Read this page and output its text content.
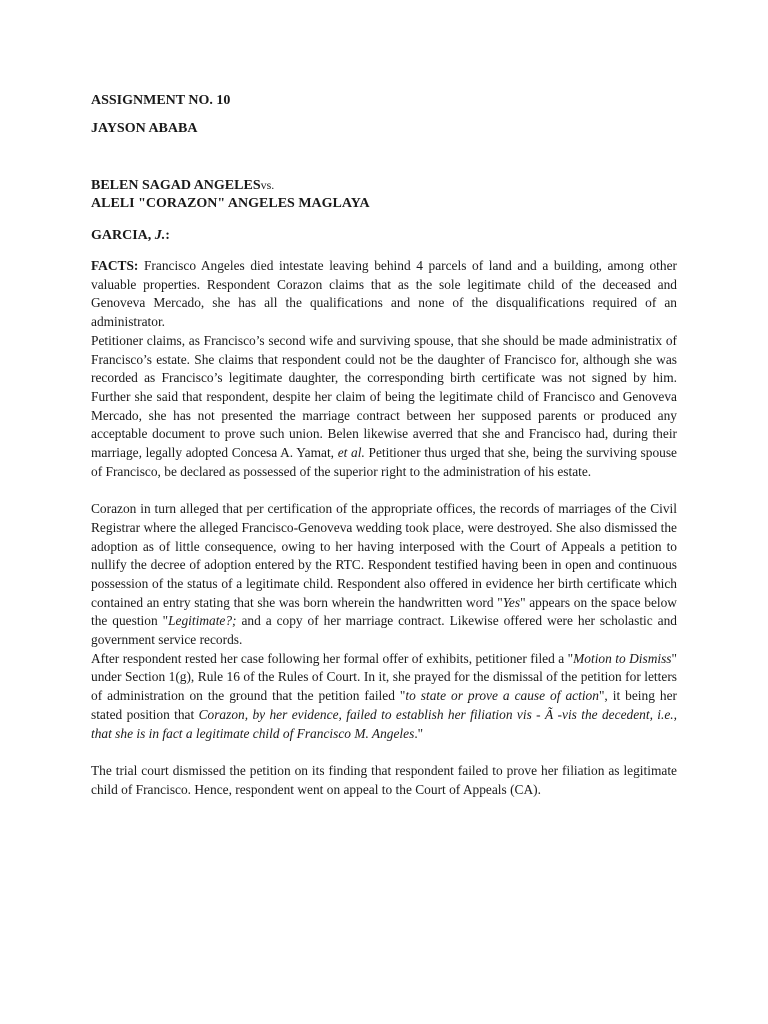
ASSIGNMENT NO. 10

JAYSON ABABA

BELEN SAGAD ANGELESvs.

ALELI "CORAZON" ANGELES MAGLAYA

GARCIA, J.:

FACTS: Francisco Angeles died intestate leaving behind 4 parcels of land and a building, among other valuable properties. Respondent Corazon claims that as the sole legitimate child of the deceased and Genoveva Mercado, she has all the qualifications and none of the disqualifications required of an administrator.

Petitioner claims, as Francisco’s second wife and surviving spouse, that she should be made administratix of Francisco’s estate. She claims that respondent could not be the daughter of Francisco for, although she was recorded as Francisco’s legitimate daughter, the corresponding birth certificate was not signed by him. Further she said that respondent, despite her claim of being the legitimate child of Francisco and Genoveva Mercado, she has not presented the marriage contract between her supposed parents or produced any acceptable document to prove such union. Belen likewise averred that she and Francisco had, during their marriage, legally adopted Concesa A. Yamat, et al. Petitioner thus urged that she, being the surviving spouse of Francisco, be declared as possessed of the superior right to the administration of his estate.

Corazon in turn alleged that per certification of the appropriate offices, the records of marriages of the Civil Registrar where the alleged Francisco-Genoveva wedding took place, were destroyed. She also dismissed the adoption as of little consequence, owing to her having interposed with the Court of Appeals a petition to nullify the decree of adoption entered by the RTC. Respondent testified having been in open and continuous possession of the status of a legitimate child. Respondent also offered in evidence her birth certificate which contained an entry stating that she was born wherein the handwritten word "Yes" appears on the space below the question "Legitimate?; and a copy of her marriage contract. Likewise offered were her scholastic and government service records.

After respondent rested her case following her formal offer of exhibits, petitioner filed a "Motion to Dismiss" under Section 1(g), Rule 16 of the Rules of Court. In it, she prayed for the dismissal of the petition for letters of administration on the ground that the petition failed "to state or prove a cause of action", it being her stated position that Corazon, by her evidence, failed to establish her filiation vis - Ã -vis the decedent, i.e., that she is in fact a legitimate child of Francisco M. Angeles."

The trial court dismissed the petition on its finding that respondent failed to prove her filiation as legitimate child of Francisco. Hence, respondent went on appeal to the Court of Appeals (CA).
